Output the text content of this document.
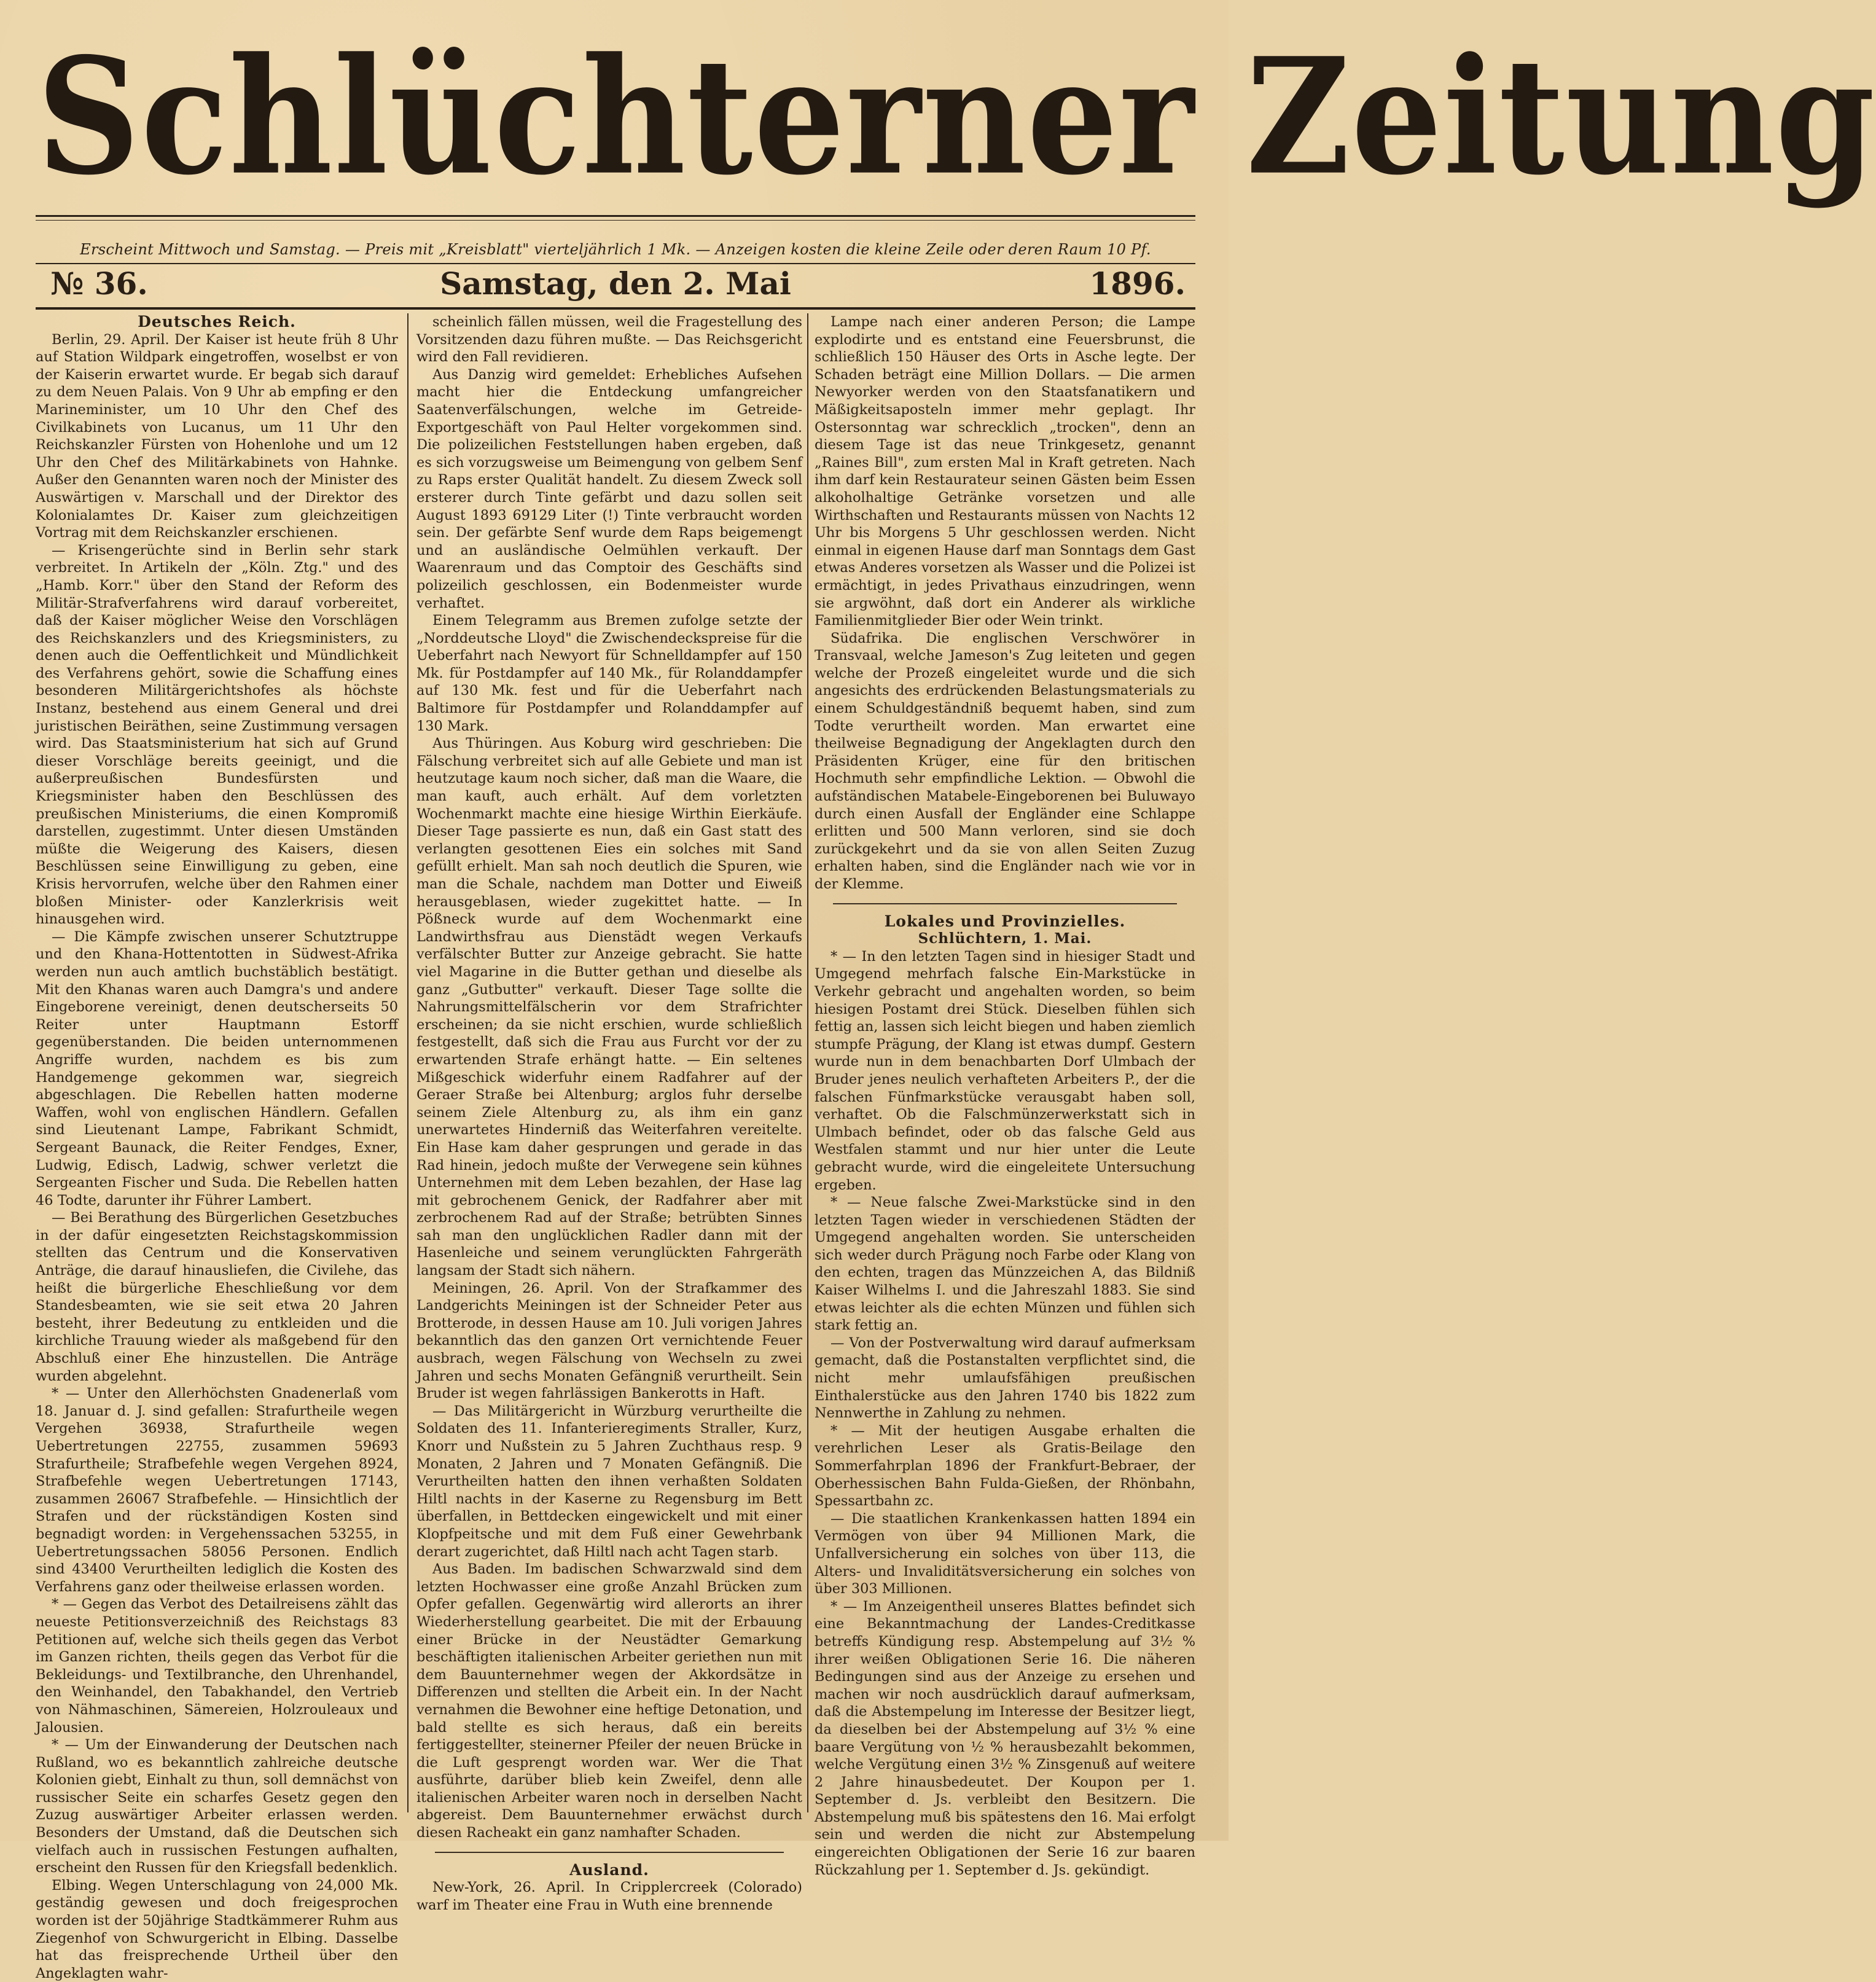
Schlüchterner Zeitung
Erscheint Mittwoch und Samstag. — Preis mit „Kreisblatt" vierteljährlich 1 Mk. — Anzeigen kosten die kleine Zeile oder deren Raum 10 Pf.
№ 36.	Samstag, den 2. Mai	1896.

Deutsches Reich.

Berlin, 29. April. Der Kaiser ist heute früh 8 Uhr auf Station Wildpark eingetroffen, woselbst er von der Kaiserin erwartet wurde. Er begab sich darauf zu dem Neuen Palais. Von 9 Uhr ab empfing er den Marineminister, um 10 Uhr den Chef des Civilkabinets von Lucanus, um 11 Uhr den Reichskanzler Fürsten von Hohenlohe und um 12 Uhr den Chef des Militärkabinets von Hahnke. Außer den Genannten waren noch der Minister des Auswärtigen v. Marschall und der Direktor des Kolonialamtes Dr. Kaiser zum gleichzeitigen Vortrag mit dem Reichskanzler erschienen.

— Krisengerüchte sind in Berlin sehr stark verbreitet. In Artikeln der „Köln. Ztg." und des „Hamb. Korr." über den Stand der Reform des Militär-Strafverfahrens wird darauf vorbereitet, daß der Kaiser möglicher Weise den Vorschlägen des Reichskanzlers und des Kriegsministers, zu denen auch die Oeffentlichkeit und Mündlichkeit des Verfahrens gehört, sowie die Schaffung eines besonderen Militärgerichtshofes als höchste Instanz, bestehend aus einem General und drei juristischen Beiräthen, seine Zustimmung versagen wird. Das Staatsministerium hat sich auf Grund dieser Vorschläge bereits geeinigt, und die außerpreußischen Bundesfürsten und Kriegsminister haben den Beschlüssen des preußischen Ministeriums, die einen Kompromiß darstellen, zugestimmt. Unter diesen Umständen müßte die Weigerung des Kaisers, diesen Beschlüssen seine Einwilligung zu geben, eine Krisis hervorrufen, welche über den Rahmen einer bloßen Minister- oder Kanzlerkrisis weit hinausgehen wird.

— Die Kämpfe zwischen unserer Schutztruppe und den Khana-Hottentotten in Südwest-Afrika werden nun auch amtlich buchstäblich bestätigt. Mit den Khanas waren auch Damgra's und andere Eingeborene vereinigt, denen deutscherseits 50 Reiter unter Hauptmann Estorff gegenüberstanden. Die beiden unternommenen Angriffe wurden, nachdem es bis zum Handgemenge gekommen war, siegreich abgeschlagen. Die Rebellen hatten moderne Waffen, wohl von englischen Händlern. Gefallen sind Lieutenant Lampe, Fabrikant Schmidt, Sergeant Baunack, die Reiter Fendges, Exner, Ludwig, Edisch, Ladwig, schwer verletzt die Sergeanten Fischer und Suda. Die Rebellen hatten 46 Todte, darunter ihr Führer Lambert.

— Bei Berathung des Bürgerlichen Gesetzbuches in der dafür eingesetzten Reichstagskommission stellten das Centrum und die Konservativen Anträge, die darauf hinausliefen, die Civilehe, das heißt die bürgerliche Eheschließung vor dem Standesbeamten, wie sie seit etwa 20 Jahren besteht, ihrer Bedeutung zu entkleiden und die kirchliche Trauung wieder als maßgebend für den Abschluß einer Ehe hinzustellen. Die Anträge wurden abgelehnt.

* — Unter den Allerhöchsten Gnadenerlaß vom 18. Januar d. J. sind gefallen: Strafurtheile wegen Vergehen 36938, Strafurtheile wegen Uebertretungen 22755, zusammen 59693 Strafurtheile; Strafbefehle wegen Vergehen 8924, Strafbefehle wegen Uebertretungen 17143, zusammen 26067 Strafbefehle. — Hinsichtlich der Strafen und der rückständigen Kosten sind begnadigt worden: in Vergehenssachen 53255, in Uebertretungssachen 58056 Personen. Endlich sind 43400 Verurtheilten lediglich die Kosten des Verfahrens ganz oder theilweise erlassen worden.

* — Gegen das Verbot des Detailreisens zählt das neueste Petitionsverzeichniß des Reichstags 83 Petitionen auf, welche sich theils gegen das Verbot im Ganzen richten, theils gegen das Verbot für die Bekleidungs- und Textilbranche, den Uhrenhandel, den Weinhandel, den Tabakhandel, den Vertrieb von Nähmaschinen, Sämereien, Holzrouleaux und Jalousien.

* — Um der Einwanderung der Deutschen nach Rußland, wo es bekanntlich zahlreiche deutsche Kolonien giebt, Einhalt zu thun, soll demnächst von russischer Seite ein scharfes Gesetz gegen den Zuzug auswärtiger Arbeiter erlassen werden. Besonders der Umstand, daß die Deutschen sich vielfach auch in russischen Festungen aufhalten, erscheint den Russen für den Kriegsfall bedenklich.

Elbing. Wegen Unterschlagung von 24,000 Mk. geständig gewesen und doch freigesprochen worden ist der 50jährige Stadtkämmerer Ruhm aus Ziegenhof von Schwurgericht in Elbing. Dasselbe hat das freisprechende Urtheil über den Angeklagten wahr-

scheinlich fällen müssen, weil die Fragestellung des Vorsitzenden dazu führen mußte. — Das Reichsgericht wird den Fall revidieren.

Aus Danzig wird gemeldet: Erhebliches Aufsehen macht hier die Entdeckung umfangreicher Saatenverfälschungen, welche im Getreide-Exportgeschäft von Paul Helter vorgekommen sind. Die polizeilichen Feststellungen haben ergeben, daß es sich vorzugsweise um Beimengung von gelbem Senf zu Raps erster Qualität handelt. Zu diesem Zweck soll ersterer durch Tinte gefärbt und dazu sollen seit August 1893 69129 Liter (!) Tinte verbraucht worden sein. Der gefärbte Senf wurde dem Raps beigemengt und an ausländische Oelmühlen verkauft. Der Waarenraum und das Comptoir des Geschäfts sind polizeilich geschlossen, ein Bodenmeister wurde verhaftet.

Einem Telegramm aus Bremen zufolge setzte der „Norddeutsche Lloyd" die Zwischendeckspreise für die Ueberfahrt nach Newyort für Schnelldampfer auf 150 Mk. für Postdampfer auf 140 Mk., für Rolanddampfer auf 130 Mk. fest und für die Ueberfahrt nach Baltimore für Postdampfer und Rolanddampfer auf 130 Mark.

Aus Thüringen. Aus Koburg wird geschrieben: Die Fälschung verbreitet sich auf alle Gebiete und man ist heutzutage kaum noch sicher, daß man die Waare, die man kauft, auch erhält. Auf dem vorletzten Wochenmarkt machte eine hiesige Wirthin Eierkäufe. Dieser Tage passierte es nun, daß ein Gast statt des verlangten gesottenen Eies ein solches mit Sand gefüllt erhielt. Man sah noch deutlich die Spuren, wie man die Schale, nachdem man Dotter und Eiweiß herausgeblasen, wieder zugekittet hatte. — In Pößneck wurde auf dem Wochenmarkt eine Landwirthsfrau aus Dienstädt wegen Verkaufs verfälschter Butter zur Anzeige gebracht. Sie hatte viel Magarine in die Butter gethan und dieselbe als ganz „Gutbutter" verkauft. Dieser Tage sollte die Nahrungsmittelfälscherin vor dem Strafrichter erscheinen; da sie nicht erschien, wurde schließlich festgestellt, daß sich die Frau aus Furcht vor der zu erwartenden Strafe erhängt hatte. — Ein seltenes Mißgeschick widerfuhr einem Radfahrer auf der Geraer Straße bei Altenburg; arglos fuhr derselbe seinem Ziele Altenburg zu, als ihm ein ganz unerwartetes Hinderniß das Weiterfahren vereitelte. Ein Hase kam daher gesprungen und gerade in das Rad hinein, jedoch mußte der Verwegene sein kühnes Unternehmen mit dem Leben bezahlen, der Hase lag mit gebrochenem Genick, der Radfahrer aber mit zerbrochenem Rad auf der Straße; betrübten Sinnes sah man den unglücklichen Radler dann mit der Hasenleiche und seinem verunglückten Fahrgeräth langsam der Stadt sich nähern.

Meiningen, 26. April. Von der Strafkammer des Landgerichts Meiningen ist der Schneider Peter aus Brotterode, in dessen Hause am 10. Juli vorigen Jahres bekanntlich das den ganzen Ort vernichtende Feuer ausbrach, wegen Fälschung von Wechseln zu zwei Jahren und sechs Monaten Gefängniß verurtheilt. Sein Bruder ist wegen fahrlässigen Bankerotts in Haft.

— Das Militärgericht in Würzburg verurtheilte die Soldaten des 11. Infanterieregiments Straller, Kurz, Knorr und Nußstein zu 5 Jahren Zuchthaus resp. 9 Monaten, 2 Jahren und 7 Monaten Gefängniß. Die Verurtheilten hatten den ihnen verhaßten Soldaten Hiltl nachts in der Kaserne zu Regensburg im Bett überfallen, in Bettdecken eingewickelt und mit einer Klopfpeitsche und mit dem Fuß einer Gewehrbank derart zugerichtet, daß Hiltl nach acht Tagen starb.

Aus Baden. Im badischen Schwarzwald sind dem letzten Hochwasser eine große Anzahl Brücken zum Opfer gefallen. Gegenwärtig wird allerorts an ihrer Wiederherstellung gearbeitet. Die mit der Erbauung einer Brücke in der Neustädter Gemarkung beschäftigten italienischen Arbeiter geriethen nun mit dem Bauunternehmer wegen der Akkordsätze in Differenzen und stellten die Arbeit ein. In der Nacht vernahmen die Bewohner eine heftige Detonation, und bald stellte es sich heraus, daß ein bereits fertiggestellter, steinerner Pfeiler der neuen Brücke in die Luft gesprengt worden war. Wer die That ausführte, darüber blieb kein Zweifel, denn alle italienischen Arbeiter waren noch in derselben Nacht abgereist. Dem Bauunternehmer erwächst durch diesen Racheakt ein ganz namhafter Schaden.

Ausland.

New-York, 26. April. In Cripplercreek (Colorado) warf im Theater eine Frau in Wuth eine brennende

Lampe nach einer anderen Person; die Lampe explodirte und es entstand eine Feuersbrunst, die schließlich 150 Häuser des Orts in Asche legte. Der Schaden beträgt eine Million Dollars. — Die armen Newyorker werden von den Staatsfanatikern und Mäßigkeitsaposteln immer mehr geplagt. Ihr Ostersonntag war schrecklich „trocken", denn an diesem Tage ist das neue Trinkgesetz, genannt „Raines Bill", zum ersten Mal in Kraft getreten. Nach ihm darf kein Restaurateur seinen Gästen beim Essen alkoholhaltige Getränke vorsetzen und alle Wirthschaften und Restaurants müssen von Nachts 12 Uhr bis Morgens 5 Uhr geschlossen werden. Nicht einmal in eigenen Hause darf man Sonntags dem Gast etwas Anderes vorsetzen als Wasser und die Polizei ist ermächtigt, in jedes Privathaus einzudringen, wenn sie argwöhnt, daß dort ein Anderer als wirkliche Familienmitglieder Bier oder Wein trinkt.

Südafrika. Die englischen Verschwörer in Transvaal, welche Jameson's Zug leiteten und gegen welche der Prozeß eingeleitet wurde und die sich angesichts des erdrückenden Belastungsmaterials zu einem Schuldgeständniß bequemt haben, sind zum Todte verurtheilt worden. Man erwartet eine theilweise Begnadigung der Angeklagten durch den Präsidenten Krüger, eine für den britischen Hochmuth sehr empfindliche Lektion. — Obwohl die aufständischen Matabele-Eingeborenen bei Buluwayo durch einen Ausfall der Engländer eine Schlappe erlitten und 500 Mann verloren, sind sie doch zurückgekehrt und da sie von allen Seiten Zuzug erhalten haben, sind die Engländer nach wie vor in der Klemme.

Lokales und Provinzielles.

Schlüchtern, 1. Mai.

* — In den letzten Tagen sind in hiesiger Stadt und Umgegend mehrfach falsche Ein-Markstücke in Verkehr gebracht und angehalten worden, so beim hiesigen Postamt drei Stück. Dieselben fühlen sich fettig an, lassen sich leicht biegen und haben ziemlich stumpfe Prägung, der Klang ist etwas dumpf. Gestern wurde nun in dem benachbarten Dorf Ulmbach der Bruder jenes neulich verhafteten Arbeiters P., der die falschen Fünfmarkstücke verausgabt haben soll, verhaftet. Ob die Falschmünzerwerkstatt sich in Ulmbach befindet, oder ob das falsche Geld aus Westfalen stammt und nur hier unter die Leute gebracht wurde, wird die eingeleitete Untersuchung ergeben.

* — Neue falsche Zwei-Markstücke sind in den letzten Tagen wieder in verschiedenen Städten der Umgegend angehalten worden. Sie unterscheiden sich weder durch Prägung noch Farbe oder Klang von den echten, tragen das Münzzeichen A, das Bildniß Kaiser Wilhelms I. und die Jahreszahl 1883. Sie sind etwas leichter als die echten Münzen und fühlen sich stark fettig an.

— Von der Postverwaltung wird darauf aufmerksam gemacht, daß die Postanstalten verpflichtet sind, die nicht mehr umlaufsfähigen preußischen Einthalerstücke aus den Jahren 1740 bis 1822 zum Nennwerthe in Zahlung zu nehmen.

* — Mit der heutigen Ausgabe erhalten die verehrlichen Leser als Gratis-Beilage den Sommerfahrplan 1896 der Frankfurt-Bebraer, der Oberhessischen Bahn Fulda-Gießen, der Rhönbahn, Spessartbahn zc.

— Die staatlichen Krankenkassen hatten 1894 ein Vermögen von über 94 Millionen Mark, die Unfallversicherung ein solches von über 113, die Alters- und Invaliditätsversicherung ein solches von über 303 Millionen.

* — Im Anzeigentheil unseres Blattes befindet sich eine Bekanntmachung der Landes-Creditkasse betreffs Kündigung resp. Abstempelung auf 3½ % ihrer weißen Obligationen Serie 16. Die näheren Bedingungen sind aus der Anzeige zu ersehen und machen wir noch ausdrücklich darauf aufmerksam, daß die Abstempelung im Interesse der Besitzer liegt, da dieselben bei der Abstempelung auf 3½ % eine baare Vergütung von ½ % herausbezahlt bekommen, welche Vergütung einen 3½ % Zinsgenuß auf weitere 2 Jahre hinausbedeutet. Der Koupon per 1. September d. Js. verbleibt den Besitzern. Die Abstempelung muß bis spätestens den 16. Mai erfolgt sein und werden die nicht zur Abstempelung eingereichten Obligationen der Serie 16 zur baaren Rückzahlung per 1. September d. Js. gekündigt.
